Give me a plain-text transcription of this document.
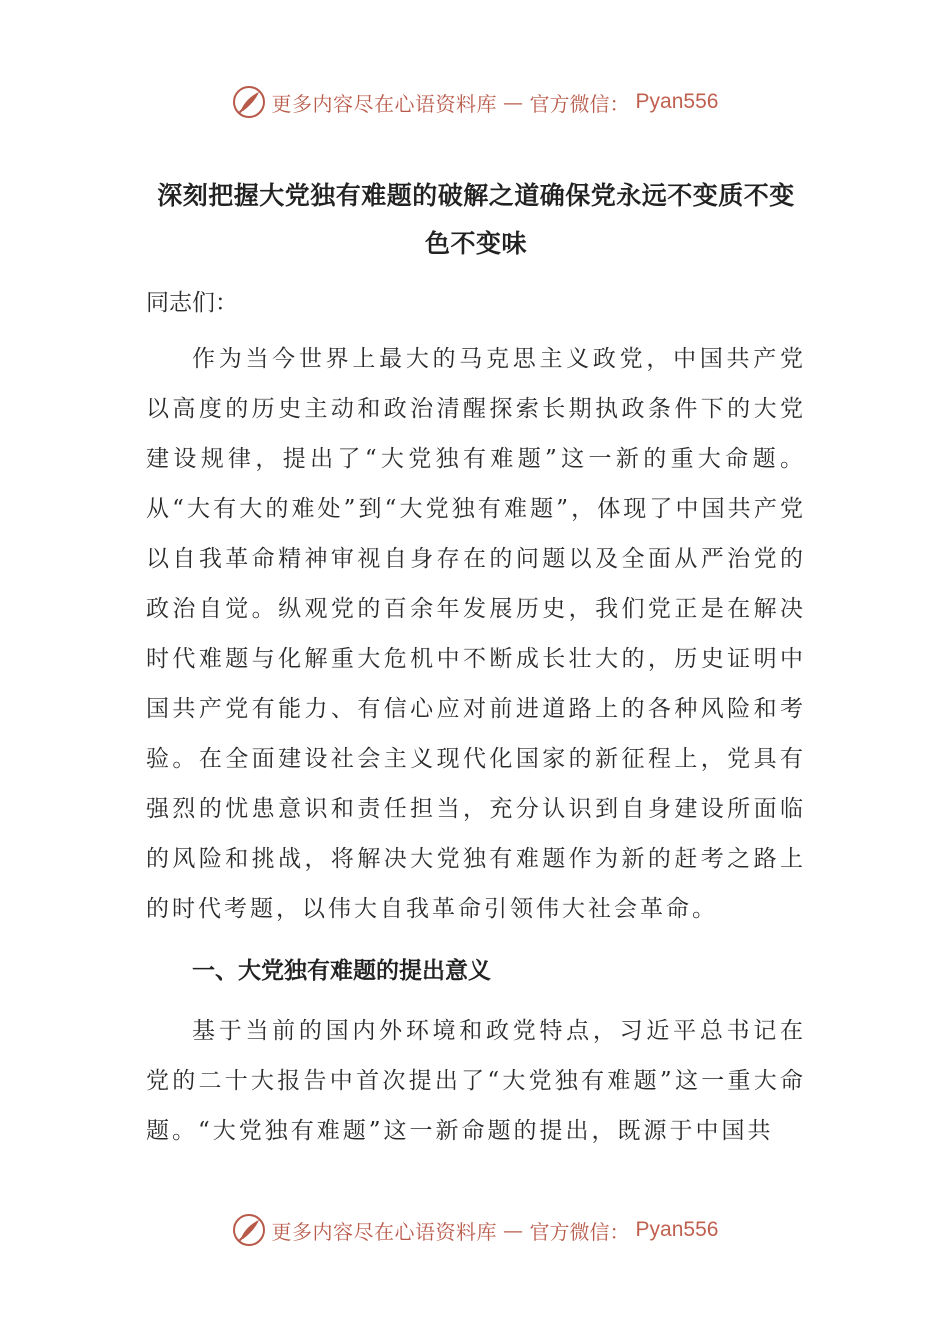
更多内容尽在心语资料库 — 官方微信： Pyan556
深刻把握大党独有难题的破解之道确保党永远不变质不变色不变味

同志们：

作为当今世界上最大的马克思主义政党，中国共产党以高度的历史主动和政治清醒探索长期执政条件下的大党建设规律，提出了“大党独有难题”这一新的重大命题。从“大有大的难处”到“大党独有难题”，体现了中国共产党以自我革命精神审视自身存在的问题以及全面从严治党的政治自觉。纵观党的百余年发展历史，我们党正是在解决时代难题与化解重大危机中不断成长壮大的，历史证明中国共产党有能力、有信心应对前进道路上的各种风险和考验。在全面建设社会主义现代化国家的新征程上，党具有强烈的忧患意识和责任担当，充分认识到自身建设所面临的风险和挑战，将解决大党独有难题作为新的赶考之路上的时代考题，以伟大自我革命引领伟大社会革命。

一、大党独有难题的提出意义

基于当前的国内外环境和政党特点，习近平总书记在党的二十大报告中首次提出了“大党独有难题”这一重大命题。“大党独有难题”这一新命题的提出，既源于中国共

更多内容尽在心语资料库 — 官方微信： Pyan556
